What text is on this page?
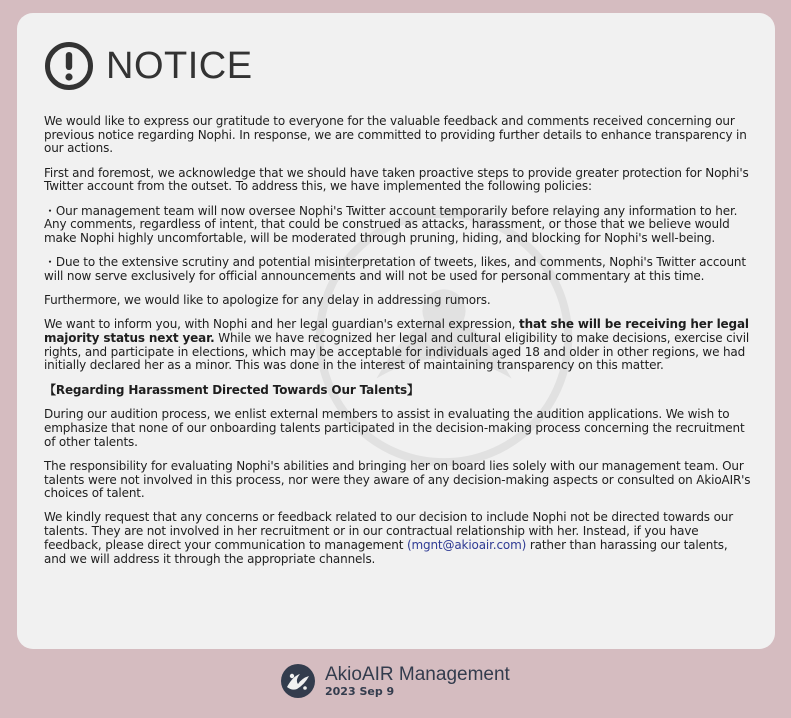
NOTICE

We would like to express our gratitude to everyone for the valuable feedback and comments received concerning our previous notice regarding Nophi. In response, we are committed to providing further details to enhance transparency in our actions.

First and foremost, we acknowledge that we should have taken proactive steps to provide greater protection for Nophi's Twitter account from the outset. To address this, we have implemented the following policies:

・Our management team will now oversee Nophi's Twitter account temporarily before relaying any information to her. Any comments, regardless of intent, that could be construed as attacks, harassment, or those that we believe would make Nophi highly uncomfortable, will be moderated through pruning, hiding, and blocking for Nophi's well-being.

・Due to the extensive scrutiny and potential misinterpretation of tweets, likes, and comments, Nophi's Twitter account will now serve exclusively for official announcements and will not be used for personal commentary at this time.

Furthermore, we would like to apologize for any delay in addressing rumors.

We want to inform you, with Nophi and her legal guardian's external expression, that she will be receiving her legal majority status next year. While we have recognized her legal and cultural eligibility to make decisions, exercise civil rights, and participate in elections, which may be acceptable for individuals aged 18 and older in other regions, we had initially declared her as a minor. This was done in the interest of maintaining transparency on this matter.

【Regarding Harassment Directed Towards Our Talents】

During our audition process, we enlist external members to assist in evaluating the audition applications. We wish to emphasize that none of our onboarding talents participated in the decision-making process concerning the recruitment of other talents.

The responsibility for evaluating Nophi's abilities and bringing her on board lies solely with our management team. Our talents were not involved in this process, nor were they aware of any decision-making aspects or consulted on AkioAIR's choices of talent.

We kindly request that any concerns or feedback related to our decision to include Nophi not be directed towards our talents. They are not involved in her recruitment or in our contractual relationship with her. Instead, if you have feedback, please direct your communication to management (mgnt@akioair.com) rather than harassing our talents, and we will address it through the appropriate channels.

AkioAIR Management
2023 Sep 9
